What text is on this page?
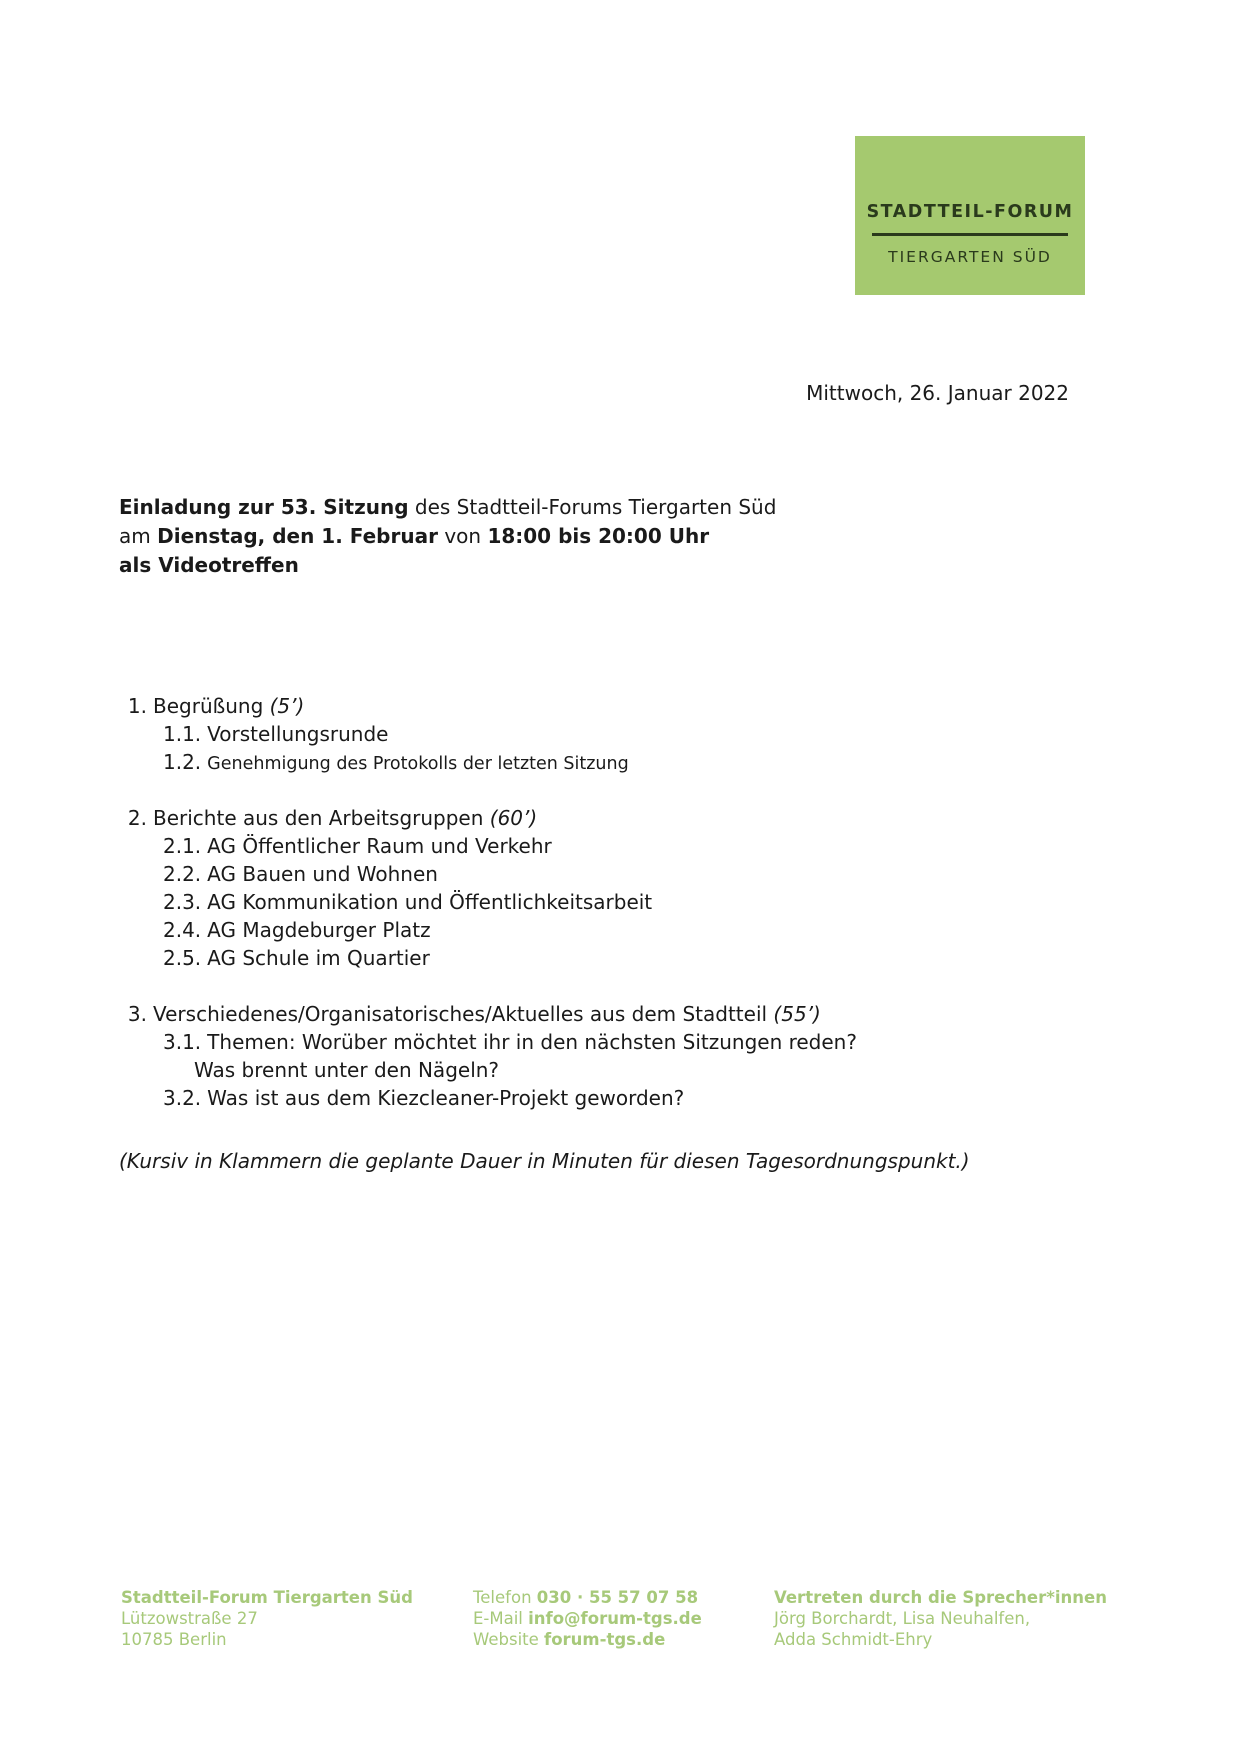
STADTTEIL-FORUM
TIERGARTEN SÜD
Mittwoch, 26. Januar 2022
Einladung zur 53. Sitzung des Stadtteil-Forums Tiergarten Süd
am Dienstag, den 1. Februar von 18:00 bis 20:00 Uhr
als Videotreffen
1. Begrüßung (5’)
1.1. Vorstellungsrunde
1.2. Genehmigung des Protokolls der letzten Sitzung
2. Berichte aus den Arbeitsgruppen (60’)
2.1. AG Öffentlicher Raum und Verkehr
2.2. AG Bauen und Wohnen
2.3. AG Kommunikation und Öffentlichkeitsarbeit
2.4. AG Magdeburger Platz
2.5. AG Schule im Quartier
3. Verschiedenes/Organisatorisches/Aktuelles aus dem Stadtteil (55’)
3.1. Themen: Worüber möchtet ihr in den nächsten Sitzungen reden?
Was brennt unter den Nägeln?
3.2. Was ist aus dem Kiezcleaner-Projekt geworden?
(Kursiv in Klammern die geplante Dauer in Minuten für diesen Tagesordnungspunkt.)
Stadtteil-Forum Tiergarten Süd
Lützowstraße 27
10785 Berlin
Telefon 030 · 55 57 07 58
E-Mail info@forum-tgs.de
Website forum-tgs.de
Vertreten durch die Sprecher*innen
Jörg Borchardt, Lisa Neuhalfen,
Adda Schmidt-Ehry
